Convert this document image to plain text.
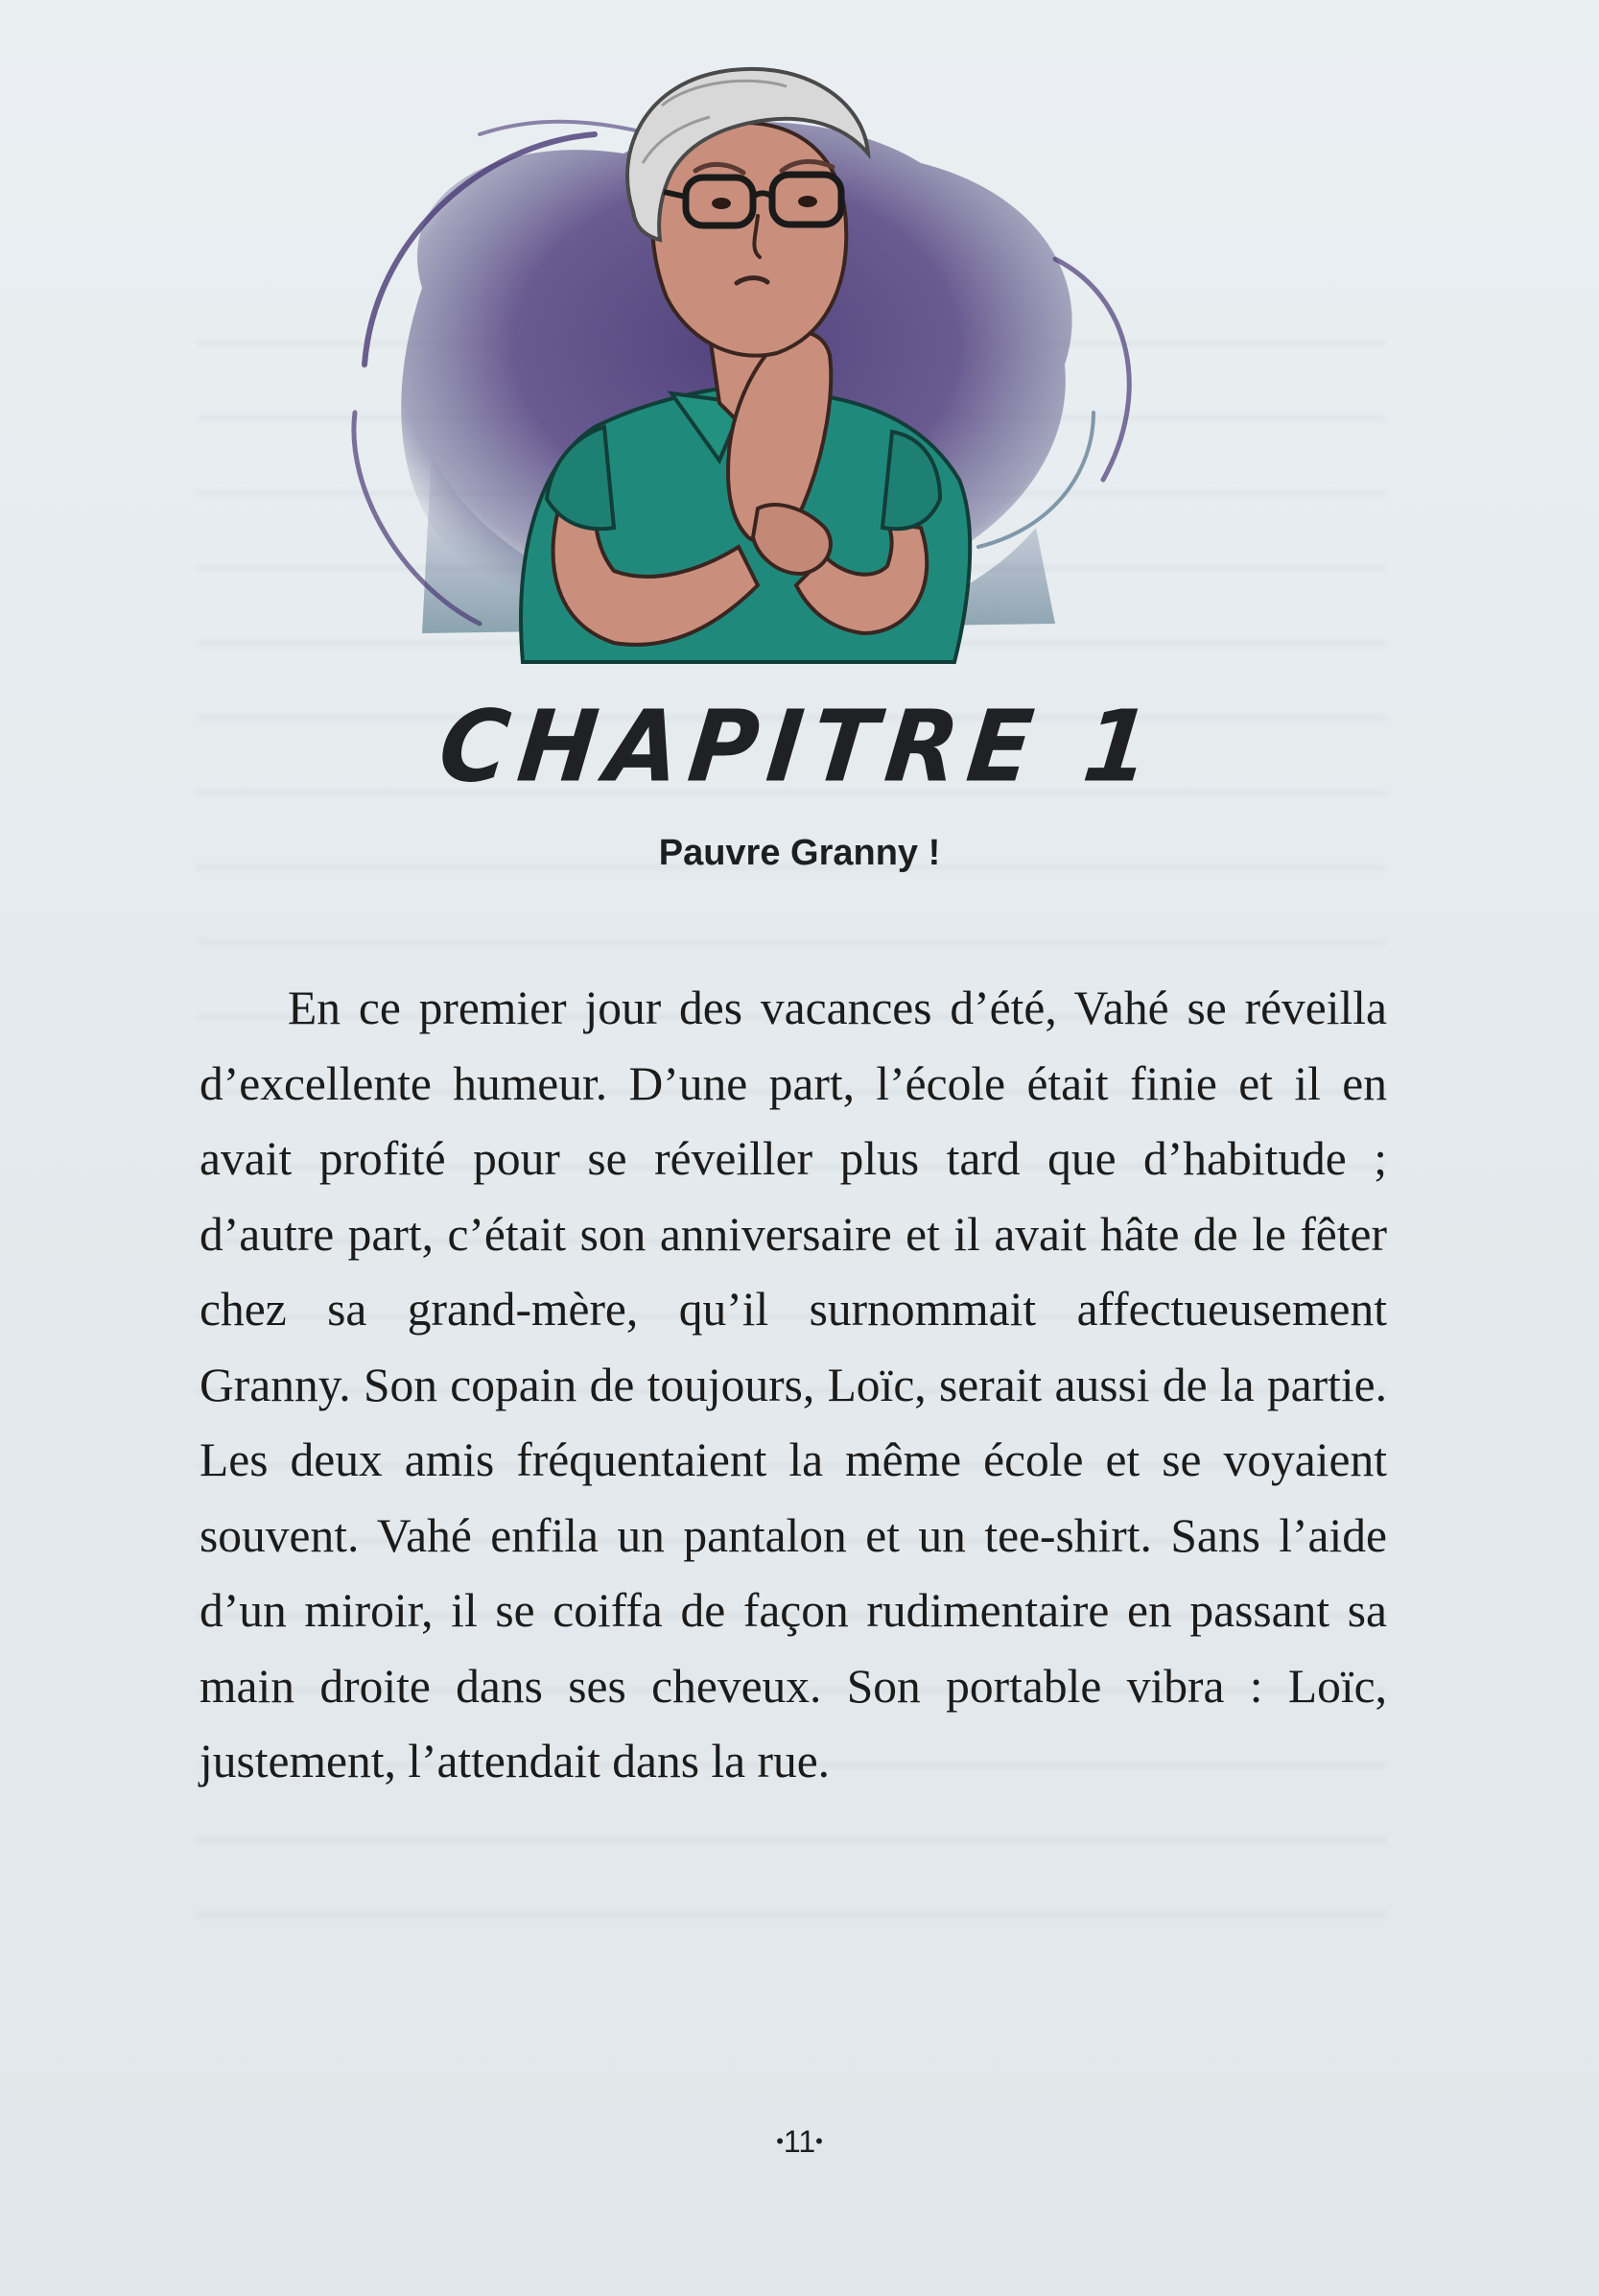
CHAPITRE 1
Pauvre Granny !

En ce premier jour des vacances d’été, Vahé se réveilla d’excellente humeur. D’une part, l’école était finie et il en avait profité pour se réveiller plus tard que d’habitude ; d’autre part, c’était son anniversaire et il avait hâte de le fêter chez sa grand-mère, qu’il surnommait affectueusement Granny. Son copain de toujours, Loïc, serait aussi de la partie. Les deux amis fréquentaient la même école et se voyaient souvent. Vahé enfila un pantalon et un tee-shirt. Sans l’aide d’un miroir, il se coiffa de façon rudimentaire en passant sa main droite dans ses cheveux. Son portable vibra : Loïc, justement, l’attendait dans la rue.

•11•
